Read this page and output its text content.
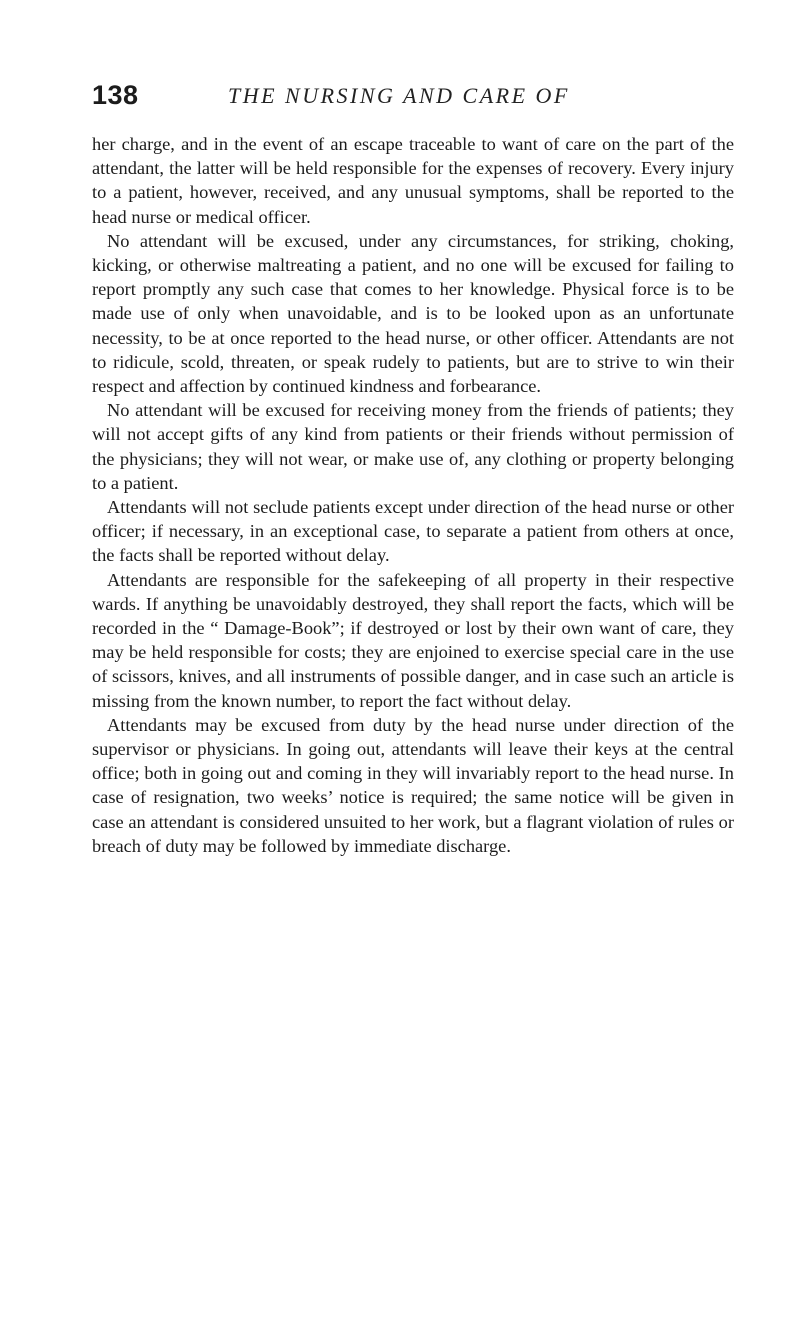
138	THE NURSING AND CARE OF

her charge, and in the event of an escape traceable to want of care on the part of the attendant, the latter will be held responsible for the expenses of recovery. Every injury to a patient, however, received, and any unusual symptoms, shall be reported to the head nurse or medical officer.

No attendant will be excused, under any circumstances, for striking, choking, kicking, or otherwise maltreating a patient, and no one will be excused for failing to report promptly any such case that comes to her knowledge. Physical force is to be made use of only when unavoidable, and is to be looked upon as an unfortunate necessity, to be at once reported to the head nurse, or other officer. Attendants are not to ridicule, scold, threaten, or speak rudely to patients, but are to strive to win their respect and affection by continued kindness and forbearance.

No attendant will be excused for receiving money from the friends of patients; they will not accept gifts of any kind from patients or their friends without permission of the physicians; they will not wear, or make use of, any clothing or property belonging to a patient.

Attendants will not seclude patients except under direction of the head nurse or other officer; if necessary, in an exceptional case, to separate a patient from others at once, the facts shall be reported without delay.

Attendants are responsible for the safekeeping of all property in their respective wards. If anything be unavoidably destroyed, they shall report the facts, which will be recorded in the “ Damage-Book”; if destroyed or lost by their own want of care, they may be held responsible for costs; they are enjoined to exercise special care in the use of scissors, knives, and all instruments of possible danger, and in case such an article is missing from the known number, to report the fact without delay.

Attendants may be excused from duty by the head nurse under direction of the supervisor or physicians. In going out, attendants will leave their keys at the central office; both in going out and coming in they will invariably report to the head nurse. In case of resignation, two weeks’ notice is required; the same notice will be given in case an attendant is considered unsuited to her work, but a flagrant violation of rules or breach of duty may be followed by immediate discharge.
